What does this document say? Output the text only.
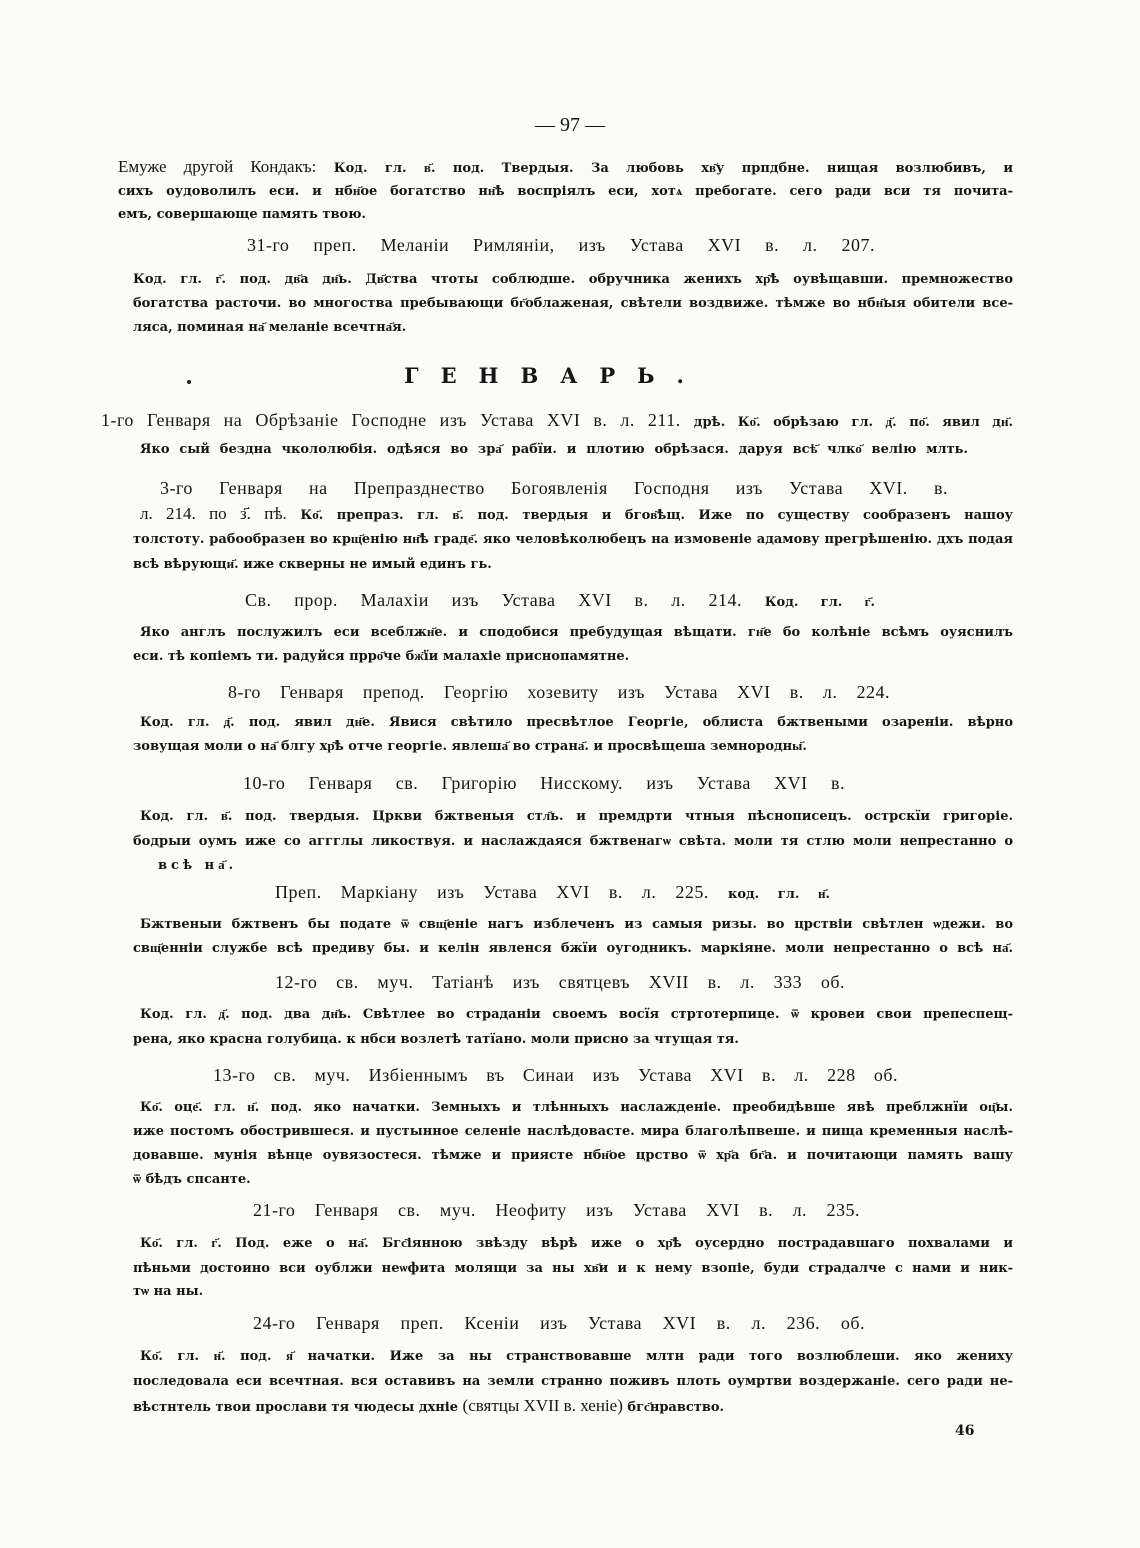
— 97 —
Емуже другой Кондакъ: Код. гл. в҃. под. Твердыя. За любовь хв҃у прпдбне. нищая возлюбивъ, и
сихъ оудоволилъ еси. и нбн҃ое богатство нн҃ѣ воспріялъ еси, хотѧ пребогате. сего ради вси тя почита-
емъ, совершающе память твою.
31-го преп. Меланіи Римляніи, изъ Устава XVI в. л. 207.
Код. гл. г҃. под. дв҃а дн҃ь. Дв҃ства чтоты соблюдше. обручника женихъ хр҃ѣ оувѣщавши. премножество
богатства расточи. во многоства пребывающи бг҃облаженая, свѣтели воздвиже. тѣмже во нбн҃ыя обители все-
ляса, поминая на҃ меланіе всечтна҃я.
ГЕНВАРЬ.
1-го Генваря на Обрѣзаніе Господне изъ Устава XVI в. л. 211. дрѣ. Ко҃. обрѣзаю гл. д҃. по҃. явил дн҃.
Яко сый бездна чкололюбія. одѣяся во зра҃ рабїи. и плотию обрѣзася. даруя всѣ҃ члко҃ велію млть.
3-го Генваря на Препразднество Богоявленія Господня изъ Устава XVI. в.
л. 214. по з҃. пѣ. Ко҃. препраз. гл. в҃. под. твердыя и бгов҃ѣщ. Иже по существу сообразенъ нашоу
толстоту. рабообразен во крщ҃енію нн҃ѣ граде҃. яко человѣколюбецъ на измовеніе адамову прегрѣшенію. дхъ подая
всѣ вѣрующи҃. иже скверны не имый единъ гь.
Св. прор. Малахіи изъ Устава XVI в. л. 214. Код. гл. г҃.
Яко англъ послужилъ еси всеблжн҃е. и сподобися пребудущая вѣщати. гн҃е бо колѣніе всѣмъ оуяснилъ
еси. тѣ копіемъ ти. радуйся прро҃че бж҃їи малахіе приснопамятне.
8-го Генваря препод. Георгію хозевиту изъ Устава XVI в. л. 224.
Код. гл. д҃. под. явил дн҃е. Явися свѣтило пресвѣтлое Георгіе, облиста бжтвеными озареніи. вѣрно
зовущая моли о на҃ блгу хр҃ѣ отче георгіе. явлеша҃ во страна҃. и просвѣщеша земнородны҃.
10-го Генваря св. Григорію Нисскому. изъ Устава XVI в.
Код. гл. в҃. под. твердыя. Цркви бжтвеныя стл҃ь. и премдрти чтныя пѣснописецъ. острскїи григоріе.
бодрыи оумъ иже со аггглы ликоствуя. и наслаждаяся бжтвенагѡ свѣта. моли тя стлю моли непрестанно о
всѣ на҃.
Преп. Маркіану изъ Устава XVI в. л. 225. код. гл. н҃.
Бжтвеныи бжтвенъ бы подате ѿ свщ҃еніе нагъ изблеченъ из самыя ризы. во црствіи свѣтлен ѡдежи. во
свщ҃енніи службе всѣ предиву бы. и келін явленся бжїи оугодникъ. маркіяне. моли непрестанно о всѣ на҃.
12-го св. муч. Татіанѣ изъ святцевъ XVII в. л. 333 об.
Код. гл. д҃. под. два дн҃ь. Свѣтлее во страданіи своемъ восїя стртотерпице. ѿ кровеи свои препеспещ-
рена, яко красна голубица. к нбси возлетѣ татїано. моли присно за чтущая тя.
13-го св. муч. Избіеннымъ въ Синаи изъ Устава XVI в. л. 228 об.
Ко҃. оце҃. гл. н҃. под. яко начатки. Земныхъ и тлѣнныхъ наслажденіе. преобидѣвше явѣ преблжнїи оц҃ы.
иже постомъ обострившеся. и пустынное селеніе наслѣдовасте. мира благолѣпвеше. и пища кременныя наслѣ-
довавше. мунія вѣнце оувязостеся. тѣмже и приясте нбн҃ое црство ѿ хр҃а бг҃а. и почитающи память вашу
ѿ бѣдъ спсанте.
21-го Генваря св. муч. Неофиту изъ Устава XVI в. л. 235.
Ко҃. гл. г҃. Под. еже о на҃. Бгс҃іянною звѣзду вѣрѣ иже о хр҃ѣ оусердно пострадавшаго похвалами и
пѣньми достоино вси оублжи неѡфита молящи за ны хв҃и и к нему взопіе, буди страдалче с нами и ник-
тѡ на ны.
24-го Генваря преп. Ксеніи изъ Устава XVI в. л. 236. об.
Ко҃. гл. н҃. под. я҃ начатки. Иже за ны странствовавше млтн ради того возлюблеши. яко жениху
последовала еси всечтная. вся оставивъ на земли странно поживъ плоть оумртви воздержаніе. сего ради не-
вѣстнтель твои прослави тя чюдесы дхніе (святцы XVII в. хеніе) бгс҃нравство.
46
